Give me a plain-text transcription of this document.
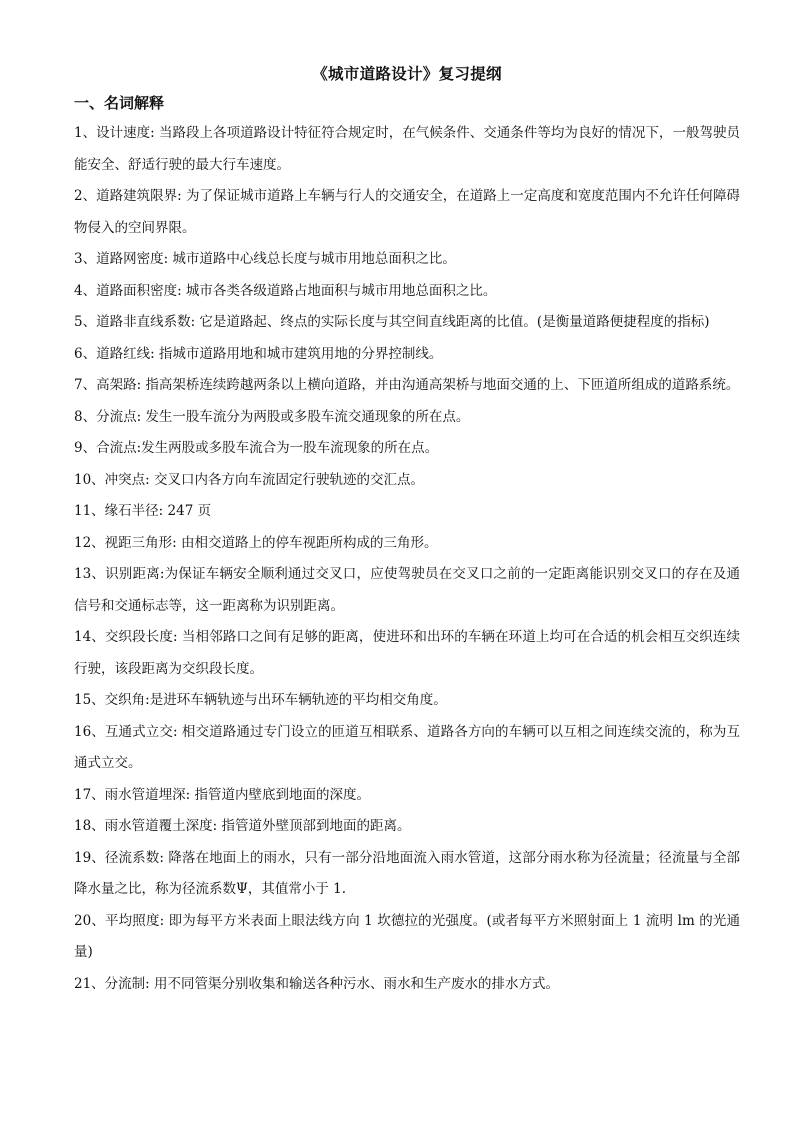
《城市道路设计》复习提纲
一、名词解释

1、设计速度: 当路段上各项道路设计特征符合规定时，在气候条件、交通条件等均为良好的情况下，一般驾驶员能安全、舒适行驶的最大行车速度。

2、道路建筑限界: 为了保证城市道路上车辆与行人的交通安全，在道路上一定高度和宽度范围内不允许任何障碍物侵入的空间界限。

3、道路网密度: 城市道路中心线总长度与城市用地总面积之比。

4、道路面积密度: 城市各类各级道路占地面积与城市用地总面积之比。

5、道路非直线系数: 它是道路起、终点的实际长度与其空间直线距离的比值。(是衡量道路便捷程度的指标)

6、道路红线: 指城市道路用地和城市建筑用地的分界控制线。

7、高架路: 指高架桥连续跨越两条以上横向道路，并由沟通高架桥与地面交通的上、下匝道所组成的道路系统。

8、分流点: 发生一股车流分为两股或多股车流交通现象的所在点。

9、合流点:发生两股或多股车流合为一股车流现象的所在点。

10、冲突点: 交叉口内各方向车流固定行驶轨迹的交汇点。

11、缘石半径: 247 页

12、视距三角形: 由相交道路上的停车视距所构成的三角形。

13、识别距离:为保证车辆安全顺利通过交叉口，应使驾驶员在交叉口之前的一定距离能识别交叉口的存在及通信号和交通标志等，这一距离称为识别距离。

14、交织段长度: 当相邻路口之间有足够的距离，使进环和出环的车辆在环道上均可在合适的机会相互交织连续行驶，该段距离为交织段长度。

15、交织角:是进环车辆轨迹与出环车辆轨迹的平均相交角度。

16、互通式立交: 相交道路通过专门设立的匝道互相联系、道路各方向的车辆可以互相之间连续交流的，称为互通式立交。

17、雨水管道埋深: 指管道内壁底到地面的深度。

18、雨水管道覆土深度: 指管道外壁顶部到地面的距离。

19、径流系数: 降落在地面上的雨水，只有一部分沿地面流入雨水管道，这部分雨水称为径流量；径流量与全部降水量之比，称为径流系数Ψ，其值常小于 1.

20、平均照度: 即为每平方米表面上眼法线方向 1 坎德拉的光强度。(或者每平方米照射面上 1 流明 lm 的光通量)

21、分流制: 用不同管渠分别收集和输送各种污水、雨水和生产废水的排水方式。
